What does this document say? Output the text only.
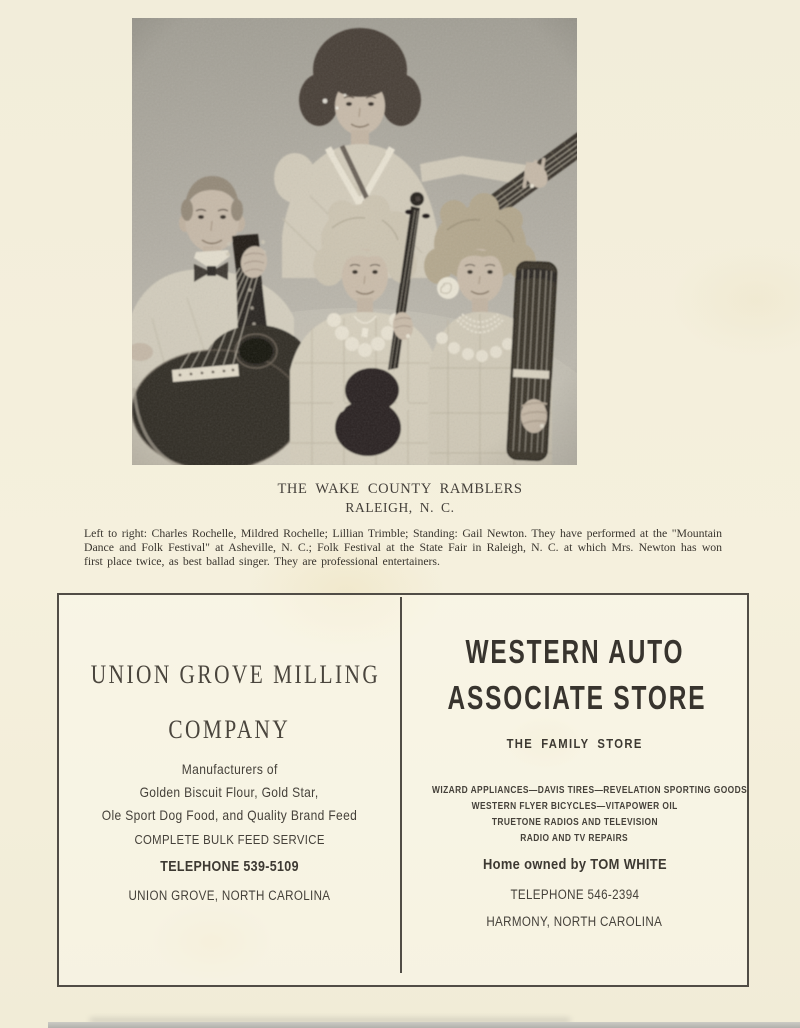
THE WAKE COUNTY RAMBLERS
RALEIGH, N. C.

Left to right: Charles Rochelle, Mildred Rochelle; Lillian Trimble; Standing: Gail Newton. They have performed at the "Mountain Dance and Folk Festival" at Asheville, N. C.; Folk Festival at the State Fair in Raleigh, N. C. at which Mrs. Newton has won first place twice, as best ballad singer. They are professional entertainers.

UNION GROVE MILLING
COMPANY
Manufacturers of
Golden Biscuit Flour, Gold Star,
Ole Sport Dog Food, and Quality Brand Feed
COMPLETE BULK FEED SERVICE
TELEPHONE 539-5109
UNION GROVE, NORTH CAROLINA
WESTERN AUTO
ASSOCIATE STORE
THE FAMILY STORE
WIZARD APPLIANCES—DAVIS TIRES—REVELATION SPORTING GOODS
WESTERN FLYER BICYCLES—VITAPOWER OIL
TRUETONE RADIOS AND TELEVISION
RADIO AND TV REPAIRS
Home owned by TOM WHITE
TELEPHONE 546-2394
HARMONY, NORTH CAROLINA
